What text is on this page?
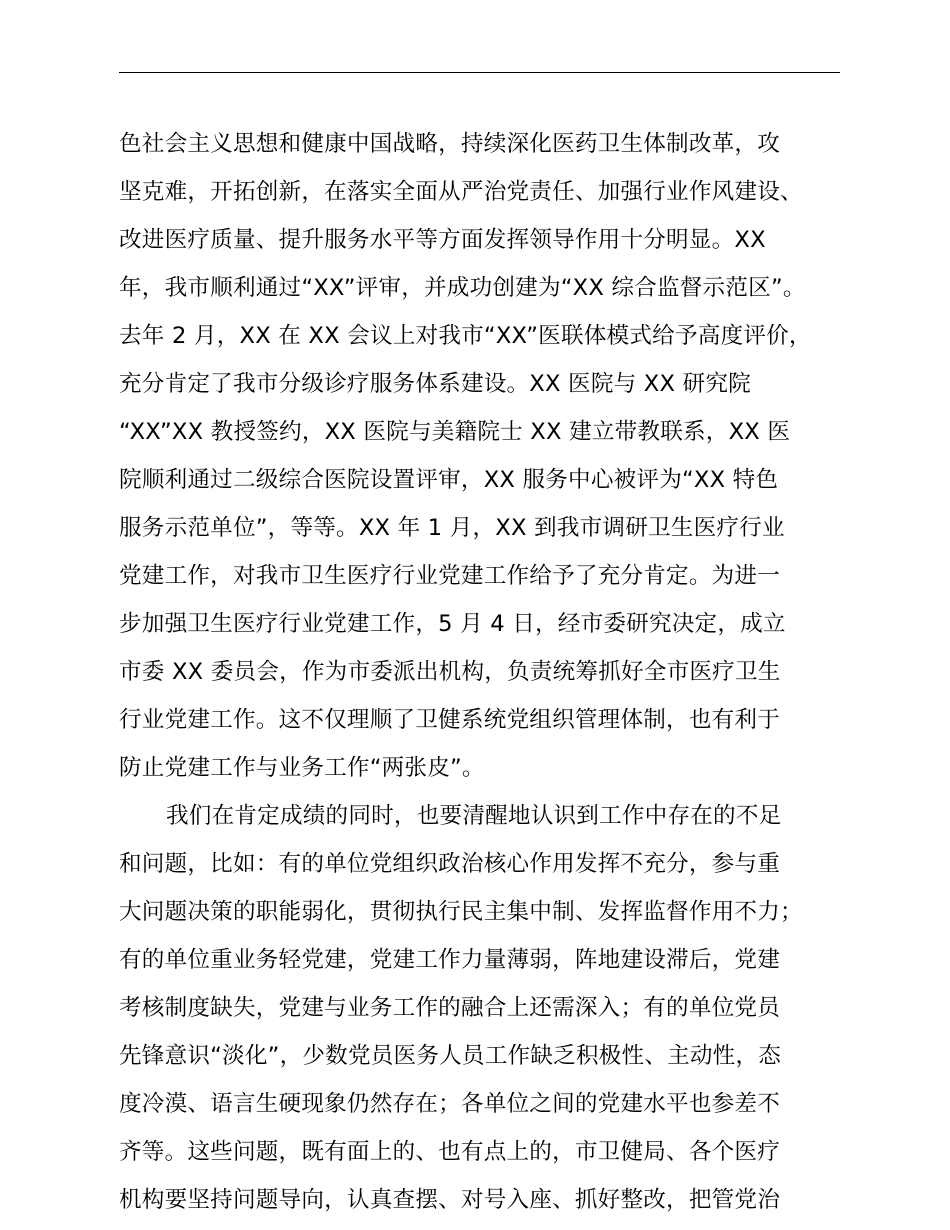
色社会主义思想和健康中国战略，持续深化医药卫生体制改革，攻
坚克难，开拓创新，在落实全面从严治党责任、加强行业作风建设、
改进医疗质量、提升服务水平等方面发挥领导作用十分明显。XX
年，我市顺利通过“XX”评审，并成功创建为“XX 综合监督示范区”。
去年 2 月，XX 在 XX 会议上对我市“XX”医联体模式给予高度评价，
充分肯定了我市分级诊疗服务体系建设。XX 医院与 XX 研究院
“XX”XX 教授签约，XX 医院与美籍院士 XX 建立带教联系，XX 医
院顺利通过二级综合医院设置评审，XX 服务中心被评为“XX 特色
服务示范单位”，等等。XX 年 1 月，XX 到我市调研卫生医疗行业
党建工作，对我市卫生医疗行业党建工作给予了充分肯定。为进一
步加强卫生医疗行业党建工作，5 月 4 日，经市委研究决定，成立
市委 XX 委员会，作为市委派出机构，负责统筹抓好全市医疗卫生
行业党建工作。这不仅理顺了卫健系统党组织管理体制，也有利于
防止党建工作与业务工作“两张皮”。
我们在肯定成绩的同时，也要清醒地认识到工作中存在的不足
和问题，比如：有的单位党组织政治核心作用发挥不充分，参与重
大问题决策的职能弱化，贯彻执行民主集中制、发挥监督作用不力；
有的单位重业务轻党建，党建工作力量薄弱，阵地建设滞后，党建
考核制度缺失，党建与业务工作的融合上还需深入；有的单位党员
先锋意识“淡化”，少数党员医务人员工作缺乏积极性、主动性，态
度冷漠、语言生硬现象仍然存在；各单位之间的党建水平也参差不
齐等。这些问题，既有面上的、也有点上的，市卫健局、各个医疗
机构要坚持问题导向，认真查摆、对号入座、抓好整改，把管党治
